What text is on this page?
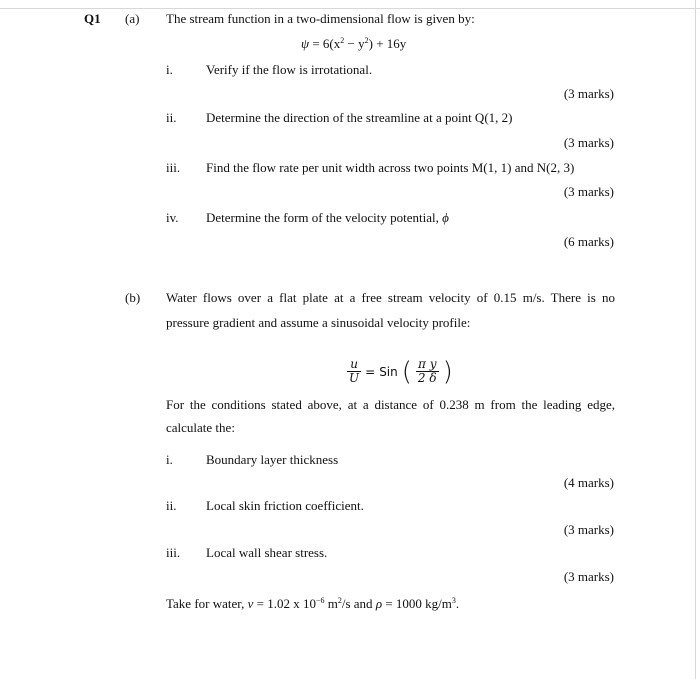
Q1 (a) The stream function in a two-dimensional flow is given by:
$\psi = 6(x^2 - y^2) + 16y$
i.	Verify if the flow is irrotational.
(3 marks)
ii. Determine the direction of the streamline at a point Q(1, 2)
(3 marks)
iii. Find the flow rate per unit width across two points M(1, 1) and N(2, 3)
(3 marks)
iv. Determine the form of the velocity potential, ϕ
(6 marks)
(b) Water flows over a flat plate at a free stream velocity of 0.15 m/s. There is no
pressure gradient and assume a sinusoidal velocity profile:
$\frac{u}{U}$ = Sin ( $\frac{\text{π y}}{2 \delta}$ )
For the conditions stated above, at a distance of 0.238 m from the leading edge,
calculate the:
i.	Boundary layer thickness
(4 marks)
ii. Local skin friction coefficient.
(3 marks)
iii. Local wall shear stress.
(3 marks)
Take for water, ν = 1.02 x $10^{-6}$ $m^2/s$ and ρ = 1000 $kg/m^3$.
